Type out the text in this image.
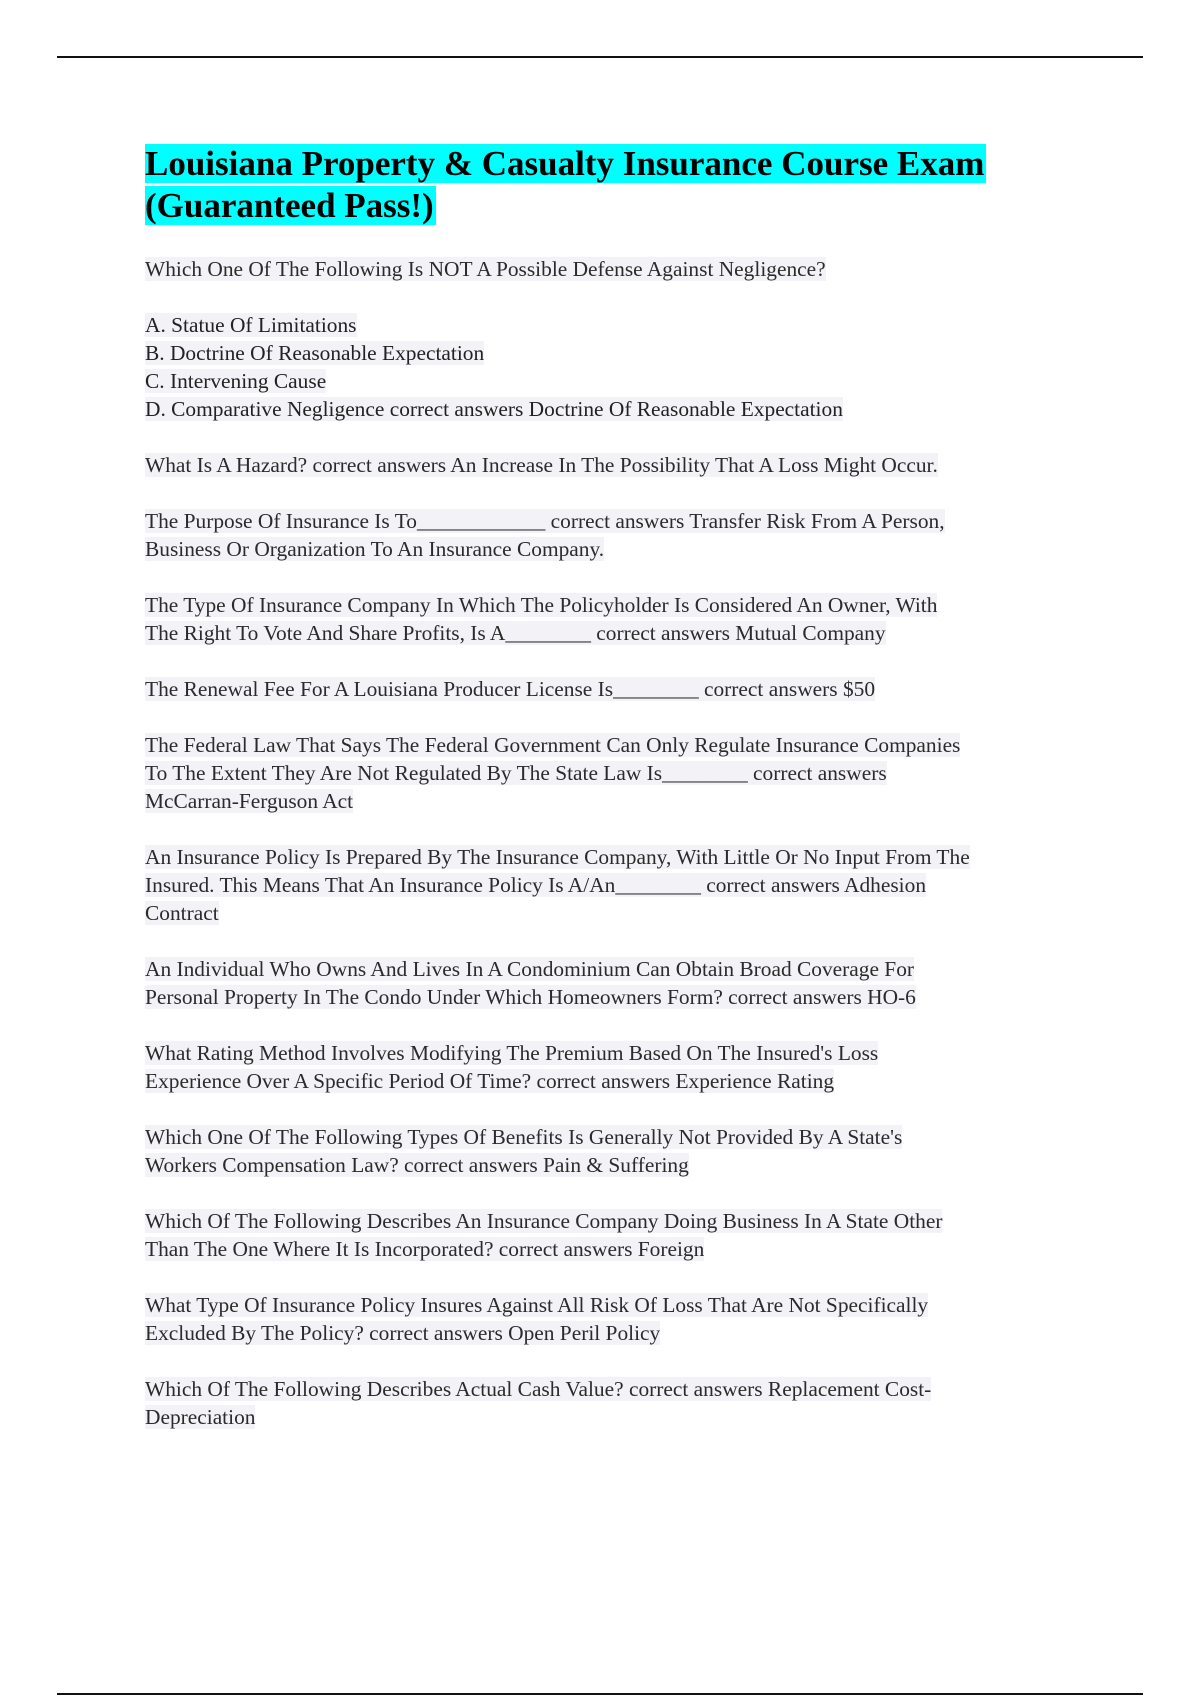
Louisiana Property & Casualty Insurance Course Exam
(Guaranteed Pass!)
Which One Of The Following Is NOT A Possible Defense Against Negligence?
A. Statue Of Limitations
B. Doctrine Of Reasonable Expectation
C. Intervening Cause
D. Comparative Negligence correct answers Doctrine Of Reasonable Expectation
What Is A Hazard? correct answers An Increase In The Possibility That A Loss Might Occur.
The Purpose Of Insurance Is To____________ correct answers Transfer Risk From A Person,
Business Or Organization To An Insurance Company.
The Type Of Insurance Company In Which The Policyholder Is Considered An Owner, With
The Right To Vote And Share Profits, Is A________ correct answers Mutual Company
The Renewal Fee For A Louisiana Producer License Is________ correct answers $50
The Federal Law That Says The Federal Government Can Only Regulate Insurance Companies
To The Extent They Are Not Regulated By The State Law Is________ correct answers
McCarran-Ferguson Act
An Insurance Policy Is Prepared By The Insurance Company, With Little Or No Input From The
Insured. This Means That An Insurance Policy Is A/An________ correct answers Adhesion
Contract
An Individual Who Owns And Lives In A Condominium Can Obtain Broad Coverage For
Personal Property In The Condo Under Which Homeowners Form? correct answers HO-6
What Rating Method Involves Modifying The Premium Based On The Insured's Loss
Experience Over A Specific Period Of Time? correct answers Experience Rating
Which One Of The Following Types Of Benefits Is Generally Not Provided By A State's
Workers Compensation Law? correct answers Pain & Suffering
Which Of The Following Describes An Insurance Company Doing Business In A State Other
Than The One Where It Is Incorporated? correct answers Foreign
What Type Of Insurance Policy Insures Against All Risk Of Loss That Are Not Specifically
Excluded By The Policy? correct answers Open Peril Policy
Which Of The Following Describes Actual Cash Value? correct answers Replacement Cost-
Depreciation
